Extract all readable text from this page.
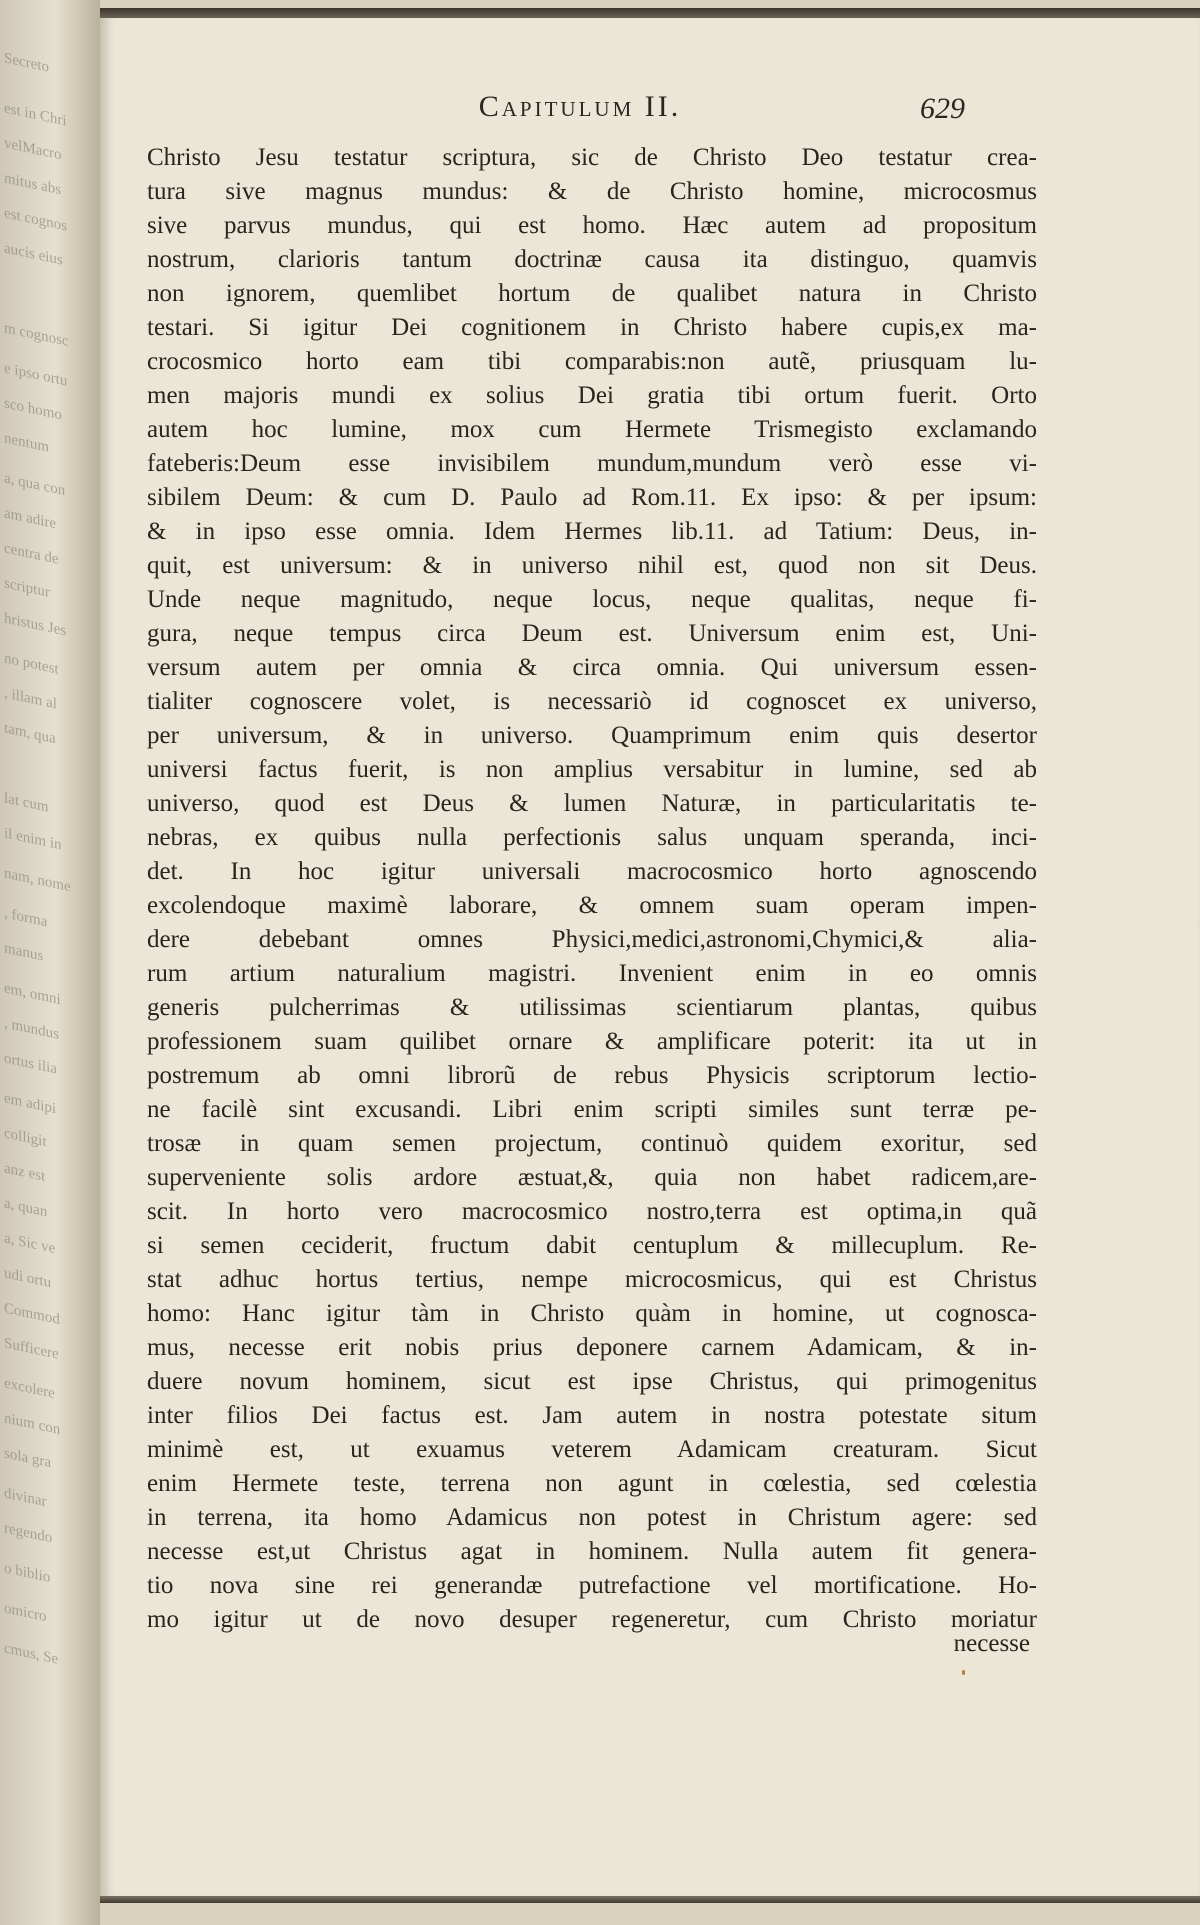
Secreto
est in Chri
velMacro
mitus abs
est cognos
aucis eius
m cognosc
e ipso ortu
sco homo
nentum
a, qua con
am adire
centra de
scriptur
hristus Jes
no potest
, illam al
tam, qua
lat cum
il enim in
nam, nome
, forma
manus
em, omni
, mundus
ortus ilia
em adipi
colligit
anz est
a, quan
a, Sic ve
udi ortu
Commod
Sufficere
excolere
nium con
sola gra
divinar
regendo
o biblio
omicro
cmus, Se
Capitulum II.	629
Christo Jesu testatur scriptura, sic de Christo Deo testatur crea-
tura sive magnus mundus: & de Christo homine, microcosmus
sive parvus mundus, qui est homo. Hæc autem ad propositum
nostrum, clarioris tantum doctrinæ causa ita distinguo, quamvis
non ignorem, quemlibet hortum de qualibet natura in Christo
testari. Si igitur Dei cognitionem in Christo habere cupis,ex ma-
crocosmico horto eam tibi comparabis:non autẽ, priusquam lu-
men majoris mundi ex solius Dei gratia tibi ortum fuerit. Orto
autem hoc lumine, mox cum Hermete Trismegisto exclamando
fateberis:Deum esse invisibilem mundum,mundum verò esse vi-
sibilem Deum: & cum D. Paulo ad Rom.11. Ex ipso: & per ipsum:
& in ipso esse omnia. Idem Hermes lib.11. ad Tatium: Deus, in-
quit, est universum: & in universo nihil est, quod non sit Deus.
Unde neque magnitudo, neque locus, neque qualitas, neque fi-
gura, neque tempus circa Deum est. Universum enim est, Uni-
versum autem per omnia & circa omnia. Qui universum essen-
tialiter cognoscere volet, is necessariò id cognoscet ex universo,
per universum, & in universo. Quamprimum enim quis desertor
universi factus fuerit, is non amplius versabitur in lumine, sed ab
universo, quod est Deus & lumen Naturæ, in particularitatis te-
nebras, ex quibus nulla perfectionis salus unquam speranda, inci-
det. In hoc igitur universali macrocosmico horto agnoscendo
excolendoque maximè laborare, & omnem suam operam impen-
dere debebant omnes Physici,medici,astronomi,Chymici,& alia-
rum artium naturalium magistri. Invenient enim in eo omnis
generis pulcherrimas & utilissimas scientiarum plantas, quibus
professionem suam quilibet ornare & amplificare poterit: ita ut in
postremum ab omni librorũ de rebus Physicis scriptorum lectio-
ne facilè sint excusandi. Libri enim scripti similes sunt terræ pe-
trosæ in quam semen projectum, continuò quidem exoritur, sed
superveniente solis ardore æstuat,&, quia non habet radicem,are-
scit. In horto vero macrocosmico nostro,terra est optima,in quã
si semen ceciderit, fructum dabit centuplum & millecuplum. Re-
stat adhuc hortus tertius, nempe microcosmicus, qui est Christus
homo: Hanc igitur tàm in Christo quàm in homine, ut cognosca-
mus, necesse erit nobis prius deponere carnem Adamicam, & in-
duere novum hominem, sicut est ipse Christus, qui primogenitus
inter filios Dei factus est. Jam autem in nostra potestate situm
minimè est, ut exuamus veterem Adamicam creaturam. Sicut
enim Hermete teste, terrena non agunt in cœlestia, sed cœlestia
in terrena, ita homo Adamicus non potest in Christum agere: sed
necesse est,ut Christus agat in hominem. Nulla autem fit genera-
tio nova sine rei generandæ putrefactione vel mortificatione. Ho-
mo igitur ut de novo desuper regeneretur, cum Christo moriatur
necesse
